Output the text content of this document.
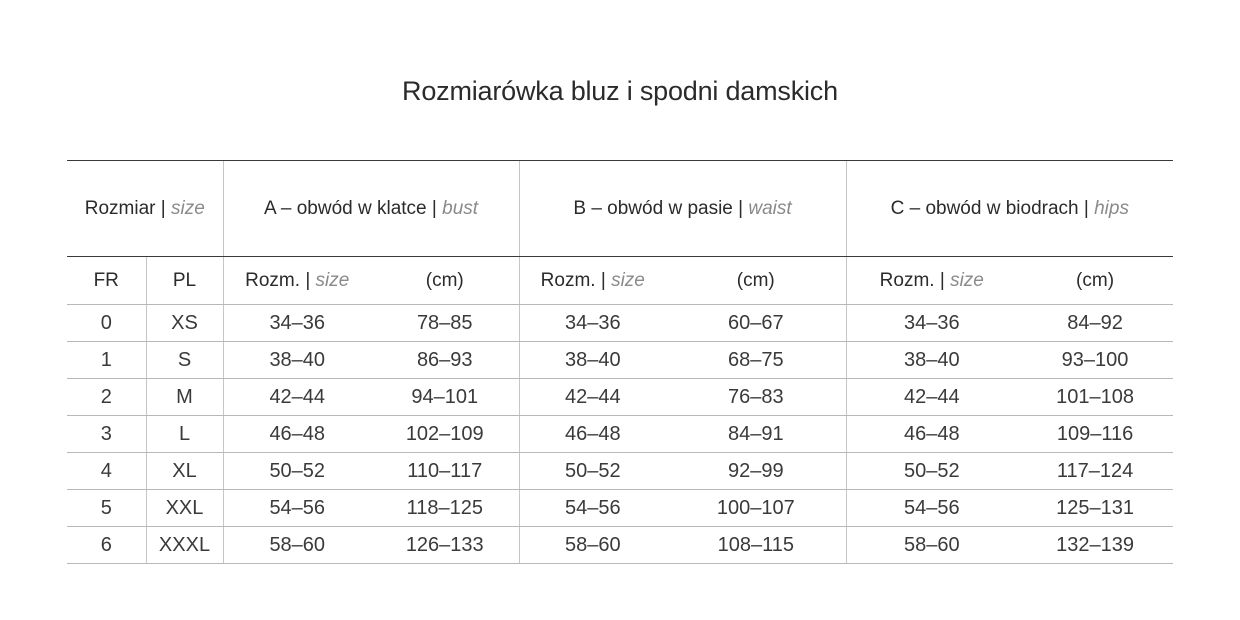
Rozmiarówka bluz i spodni damskich
Rozmiar | size		A – obwód w klatce | bust		B – obwód w pasie | waist		C – obwód w biodrach | hips	
FR	PL	Rozm. | size	(cm)	Rozm. | size	(cm)	Rozm. | size	(cm)
0	XS	34–36	78–85	34–36	60–67	34–36	84–92
1	S	38–40	86–93	38–40	68–75	38–40	93–100
2	M	42–44	94–101	42–44	76–83	42–44	101–108
3	L	46–48	102–109	46–48	84–91	46–48	109–116
4	XL	50–52	110–117	50–52	92–99	50–52	117–124
5	XXL	54–56	118–125	54–56	100–107	54–56	125–131
6	XXXL	58–60	126–133	58–60	108–115	58–60	132–139
